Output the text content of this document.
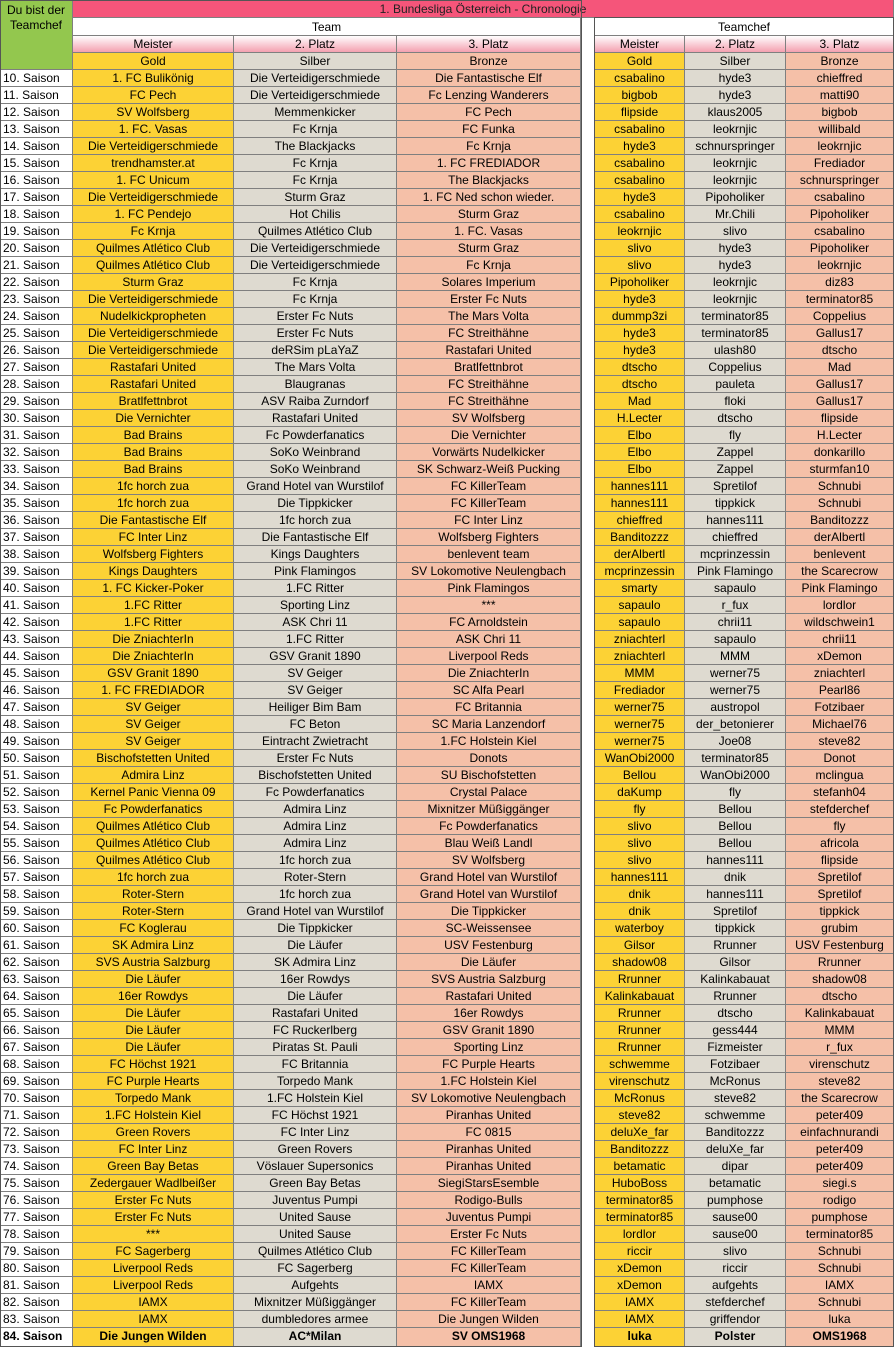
Du bist der Teamchef
1. Bundesliga Österreich - Chronologie
Team	Teamchef
Meister	2. Platz	3. Platz	Meister	2. Platz	3. Platz
Gold	Silber	Bronze	Gold	Silber	Bronze
10. Saison	1. FC Bulikönig	Die Verteidigerschmiede	Die Fantastische Elf	csabalino	hyde3	chieffred
11. Saison	FC Pech	Die Verteidigerschmiede	Fc Lenzing Wanderers	bigbob	hyde3	matti90
12. Saison	SV Wolfsberg	Memmenkicker	FC Pech	flipside	klaus2005	bigbob
13. Saison	1. FC. Vasas	Fc Krnja	FC Funka	csabalino	leokrnjic	willibald
14. Saison	Die Verteidigerschmiede	The Blackjacks	Fc Krnja	hyde3	schnurspringer	leokrnjic
15. Saison	trendhamster.at	Fc Krnja	1. FC FREDIADOR	csabalino	leokrnjic	Frediador
16. Saison	1. FC Unicum	Fc Krnja	The Blackjacks	csabalino	leokrnjic	schnurspringer
17. Saison	Die Verteidigerschmiede	Sturm Graz	1. FC Ned schon wieder.	hyde3	Pipoholiker	csabalino
18. Saison	1. FC Pendejo	Hot Chilis	Sturm Graz	csabalino	Mr.Chili	Pipoholiker
19. Saison	Fc Krnja	Quilmes Atlético Club	1. FC. Vasas	leokrnjic	slivo	csabalino
20. Saison	Quilmes Atlético Club	Die Verteidigerschmiede	Sturm Graz	slivo	hyde3	Pipoholiker
21. Saison	Quilmes Atlético Club	Die Verteidigerschmiede	Fc Krnja	slivo	hyde3	leokrnjic
22. Saison	Sturm Graz	Fc Krnja	Solares Imperium	Pipoholiker	leokrnjic	diz83
23. Saison	Die Verteidigerschmiede	Fc Krnja	Erster Fc Nuts	hyde3	leokrnjic	terminator85
24. Saison	Nudelkickpropheten	Erster Fc Nuts	The Mars Volta	dummp3zi	terminator85	Coppelius
25. Saison	Die Verteidigerschmiede	Erster Fc Nuts	FC Streithähne	hyde3	terminator85	Gallus17
26. Saison	Die Verteidigerschmiede	deRSim pLaYaZ	Rastafari United	hyde3	ulash80	dtscho
27. Saison	Rastafari United	The Mars Volta	Bratlfettnbrot	dtscho	Coppelius	Mad
28. Saison	Rastafari United	Blaugranas	FC Streithähne	dtscho	pauleta	Gallus17
29. Saison	Bratlfettnbrot	ASV Raiba Zurndorf	FC Streithähne	Mad	floki	Gallus17
30. Saison	Die Vernichter	Rastafari United	SV Wolfsberg	H.Lecter	dtscho	flipside
31. Saison	Bad Brains	Fc Powderfanatics	Die Vernichter	Elbo	fly	H.Lecter
32. Saison	Bad Brains	SoKo Weinbrand	Vorwärts Nudelkicker	Elbo	Zappel	donkarillo
33. Saison	Bad Brains	SoKo Weinbrand	SK Schwarz-Weiß Pucking	Elbo	Zappel	sturmfan10
34. Saison	1fc horch zua	Grand Hotel van Wurstilof	FC KillerTeam	hannes111	Spretilof	Schnubi
35. Saison	1fc horch zua	Die Tippkicker	FC KillerTeam	hannes111	tippkick	Schnubi
36. Saison	Die Fantastische Elf	1fc horch zua	FC Inter Linz	chieffred	hannes111	Banditozzz
37. Saison	FC Inter Linz	Die Fantastische Elf	Wolfsberg Fighters	Banditozzz	chieffred	derAlbertl
38. Saison	Wolfsberg Fighters	Kings Daughters	benlevent team	derAlbertl	mcprinzessin	benlevent
39. Saison	Kings Daughters	Pink Flamingos	SV Lokomotive Neulengbach	mcprinzessin	Pink Flamingo	the Scarecrow
40. Saison	1. FC Kicker-Poker	1.FC Ritter	Pink Flamingos	smarty	sapaulo	Pink Flamingo
41. Saison	1.FC Ritter	Sporting Linz	***	sapaulo	r_fux	lordlor
42. Saison	1.FC Ritter	ASK Chri 11	FC Arnoldstein	sapaulo	chrii11	wildschwein1
43. Saison	Die ZniachterIn	1.FC Ritter	ASK Chri 11	zniachterl	sapaulo	chrii11
44. Saison	Die ZniachterIn	GSV Granit 1890	Liverpool Reds	zniachterl	MMM	xDemon
45. Saison	GSV Granit 1890	SV Geiger	Die ZniachterIn	MMM	werner75	zniachterl
46. Saison	1. FC FREDIADOR	SV Geiger	SC Alfa Pearl	Frediador	werner75	Pearl86
47. Saison	SV Geiger	Heiliger Bim Bam	FC Britannia	werner75	austropol	Fotzibaer
48. Saison	SV Geiger	FC Beton	SC Maria Lanzendorf	werner75	der_betonierer	Michael76
49. Saison	SV Geiger	Eintracht Zwietracht	1.FC Holstein Kiel	werner75	Joe08	steve82
50. Saison	Bischofstetten United	Erster Fc Nuts	Donots	WanObi2000	terminator85	Donot
51. Saison	Admira Linz	Bischofstetten United	SU Bischofstetten	Bellou	WanObi2000	mclingua
52. Saison	Kernel Panic Vienna 09	Fc Powderfanatics	Crystal Palace	daKump	fly	stefanh04
53. Saison	Fc Powderfanatics	Admira Linz	Mixnitzer Müßiggänger	fly	Bellou	stefderchef
54. Saison	Quilmes Atlético Club	Admira Linz	Fc Powderfanatics	slivo	Bellou	fly
55. Saison	Quilmes Atlético Club	Admira Linz	Blau Weiß Landl	slivo	Bellou	africola
56. Saison	Quilmes Atlético Club	1fc horch zua	SV Wolfsberg	slivo	hannes111	flipside
57. Saison	1fc horch zua	Roter-Stern	Grand Hotel van Wurstilof	hannes111	dnik	Spretilof
58. Saison	Roter-Stern	1fc horch zua	Grand Hotel van Wurstilof	dnik	hannes111	Spretilof
59. Saison	Roter-Stern	Grand Hotel van Wurstilof	Die Tippkicker	dnik	Spretilof	tippkick
60. Saison	FC Koglerau	Die Tippkicker	SC-Weissensee	waterboy	tippkick	grubim
61. Saison	SK Admira Linz	Die Läufer	USV Festenburg	Gilsor	Rrunner	USV Festenburg
62. Saison	SVS Austria Salzburg	SK Admira Linz	Die Läufer	shadow08	Gilsor	Rrunner
63. Saison	Die Läufer	16er Rowdys	SVS Austria Salzburg	Rrunner	Kalinkabauat	shadow08
64. Saison	16er Rowdys	Die Läufer	Rastafari United	Kalinkabauat	Rrunner	dtscho
65. Saison	Die Läufer	Rastafari United	16er Rowdys	Rrunner	dtscho	Kalinkabauat
66. Saison	Die Läufer	FC Ruckerlberg	GSV Granit 1890	Rrunner	gess444	MMM
67. Saison	Die Läufer	Piratas St. Pauli	Sporting Linz	Rrunner	Fizmeister	r_fux
68. Saison	FC Höchst 1921	FC Britannia	FC Purple Hearts	schwemme	Fotzibaer	virenschutz
69. Saison	FC Purple Hearts	Torpedo Mank	1.FC Holstein Kiel	virenschutz	McRonus	steve82
70. Saison	Torpedo Mank	1.FC Holstein Kiel	SV Lokomotive Neulengbach	McRonus	steve82	the Scarecrow
71. Saison	1.FC Holstein Kiel	FC Höchst 1921	Piranhas United	steve82	schwemme	peter409
72. Saison	Green Rovers	FC Inter Linz	FC 0815	deluXe_far	Banditozzz	einfachnurandi
73. Saison	FC Inter Linz	Green Rovers	Piranhas United	Banditozzz	deluXe_far	peter409
74. Saison	Green Bay Betas	Vöslauer Supersonics	Piranhas United	betamatic	dipar	peter409
75. Saison	Zedergauer Wadlbeißer	Green Bay Betas	SiegiStarsEsemble	HuboBoss	betamatic	siegi.s
76. Saison	Erster Fc Nuts	Juventus Pumpi	Rodigo-Bulls	terminator85	pumphose	rodigo
77. Saison	Erster Fc Nuts	United Sause	Juventus Pumpi	terminator85	sause00	pumphose
78. Saison	***	United Sause	Erster Fc Nuts	lordlor	sause00	terminator85
79. Saison	FC Sagerberg	Quilmes Atlético Club	FC KillerTeam	riccir	slivo	Schnubi
80. Saison	Liverpool Reds	FC Sagerberg	FC KillerTeam	xDemon	riccir	Schnubi
81. Saison	Liverpool Reds	Aufgehts	IAMX	xDemon	aufgehts	IAMX
82. Saison	IAMX	Mixnitzer Müßiggänger	FC KillerTeam	IAMX	stefderchef	Schnubi
83. Saison	IAMX	dumbledores armee	Die Jungen Wilden	IAMX	griffendor	luka
84. Saison	Die Jungen Wilden	AC*Milan	SV OMS1968	luka	Polster	OMS1968
